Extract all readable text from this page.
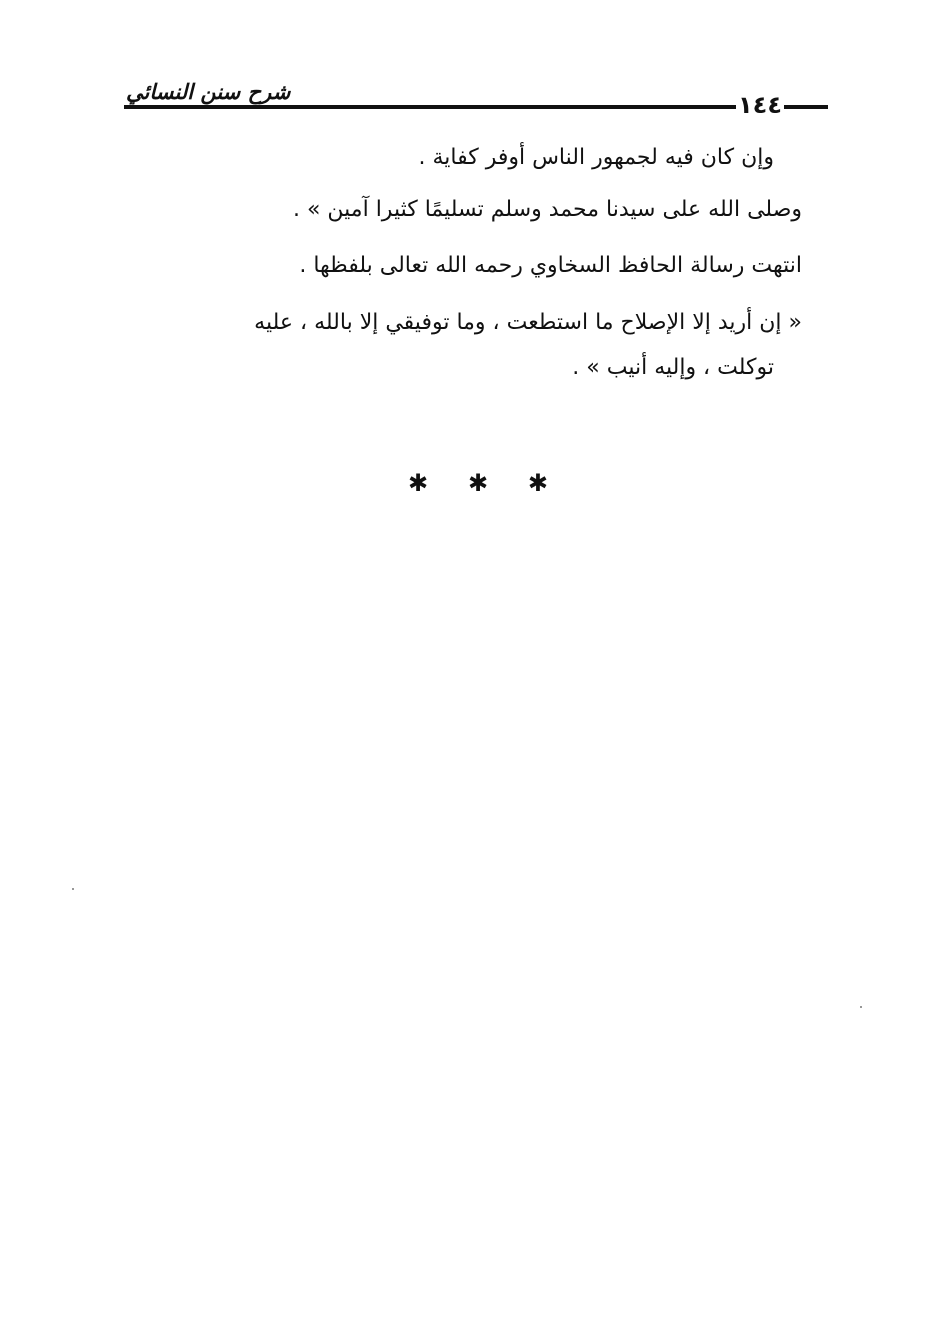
شرح سنن النسائي	١٤٤

وإن كان فيه لجمهور الناس أوفر كفاية .

وصلى الله على سيدنا محمد وسلم تسليمًا كثيرا آمين » .

انتهت رسالة الحافظ السخاوي رحمه الله تعالى بلفظها .

« إن أريد إلا الإصلاح ما استطعت ، وما توفيقي إلا بالله ، عليه
توكلت ، وإليه أنيب » .
✱ ✱ ✱
